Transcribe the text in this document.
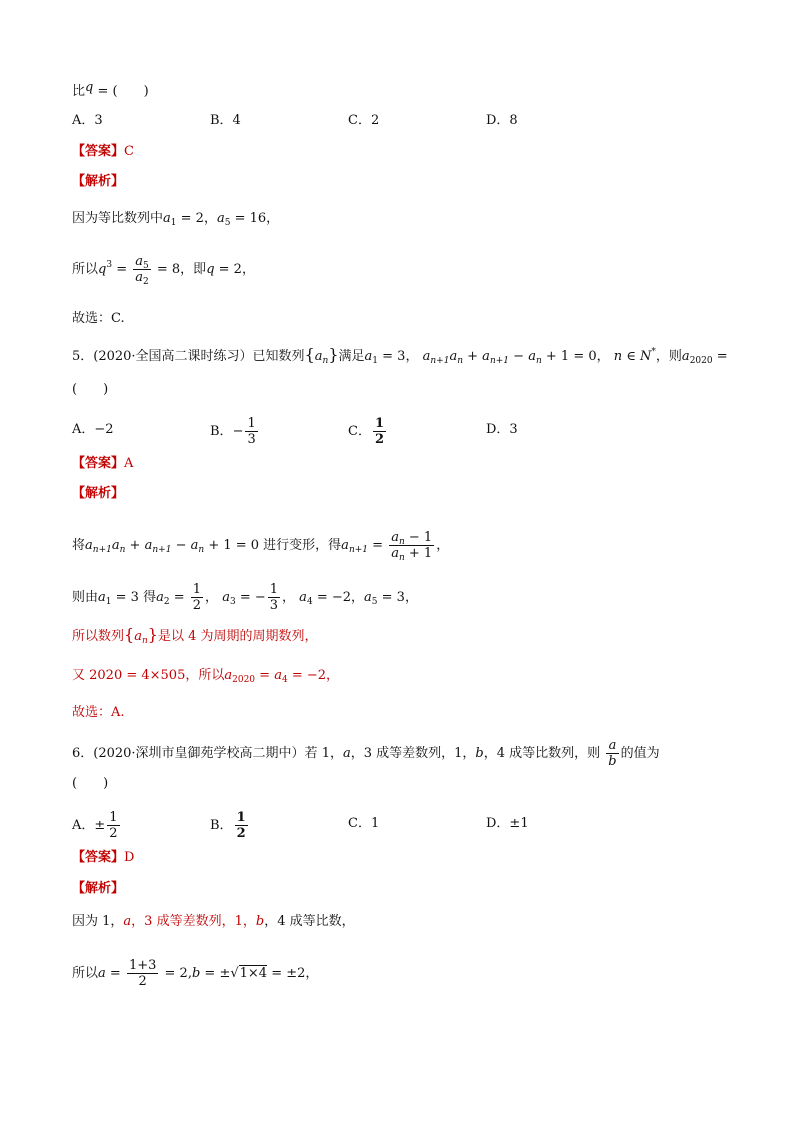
比q = (　　)
A．3	B．4	C．2	D．8
【答案】C
【解析】
因为等比数列中$a_1 = 2$，$a_5 = 16$，
所以$q^3 = \frac{a_5}{a_2} = 8$，即q = 2，
故选：C.
5．(2020·全国高二课时练习）已知数列$\{a_n\}$满足$a_1 = 3$， $a_{n+1}a_n + a_{n+1} - a_n + 1 = 0$， n ∈ N*，则$a_{2020}$ =
(　　)
A．−2	B．− $\frac{1}{3}$	C． $\frac{1}{2}$	D．3
【答案】A
【解析】
将$a_{n+1}a_n + a_{n+1} - a_n + 1 = 0$ 进行变形，得$a_{n+1} = \frac{a_n - 1}{a_n + 1}$ ，
则由$a_1 = 3$ 得$a_2 = \frac{1}{2}$ ， $a_3$ = − $\frac{1}{3}$ ， $a_4 = -2$，$a_5 = 3$，
所以数列$\{a_n\}$是以 4 为周期的周期数列，
又 2020 = 4×505，所以$a_{2020} = a_4 = -2$，
故选：A.
6．(2020·深圳市皇御苑学校高二期中）若 1，a，3 成等差数列，1，b，4 成等比数列，则 $\frac{a}{b}$ 的值为
(　　)
A．± $\frac{1}{2}$	B． $\frac{1}{2}$	C．1	D．±1
【答案】D
【解析】
因为 1，a，3 成等差数列，1，b，4 成等比数，
所以$a = \frac{1+3}{2} = 2,b = \pm√1\times 4 = \pm 2$，
